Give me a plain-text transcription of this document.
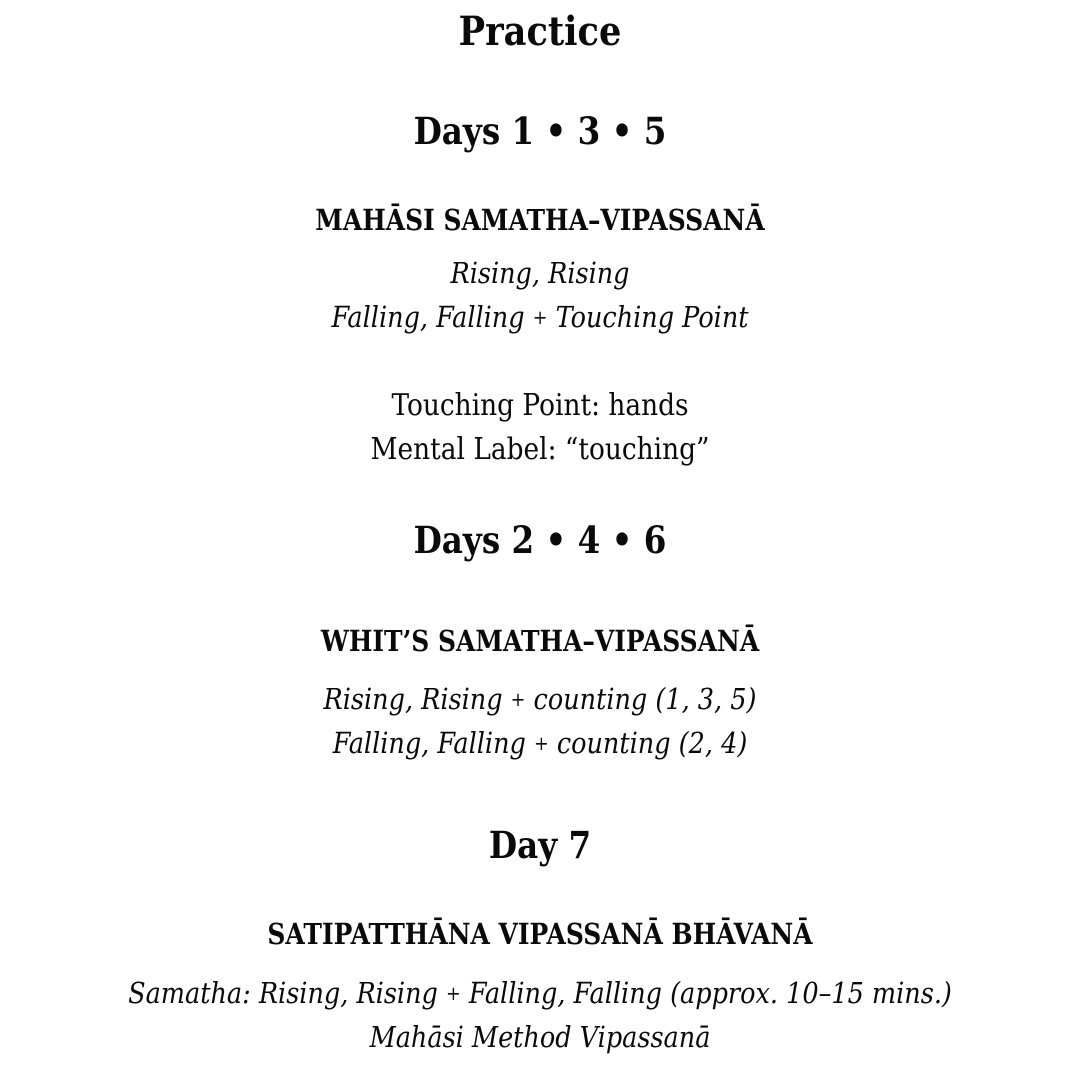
Practice
Days 1 • 3 • 5
MAHĀSI SAMATHA–VIPASSANĀ
Rising, Rising
Falling, Falling + Touching Point
Touching Point: hands
Mental Label: “touching”
Days 2 • 4 • 6
WHIT’S SAMATHA–VIPASSANĀ
Rising, Rising + counting (1, 3, 5)
Falling, Falling + counting (2, 4)
Day 7
SATIPATTHĀNA VIPASSANĀ BHĀVANĀ
Samatha: Rising, Rising + Falling, Falling (approx. 10–15 mins.)
Mahāsi Method Vipassanā
